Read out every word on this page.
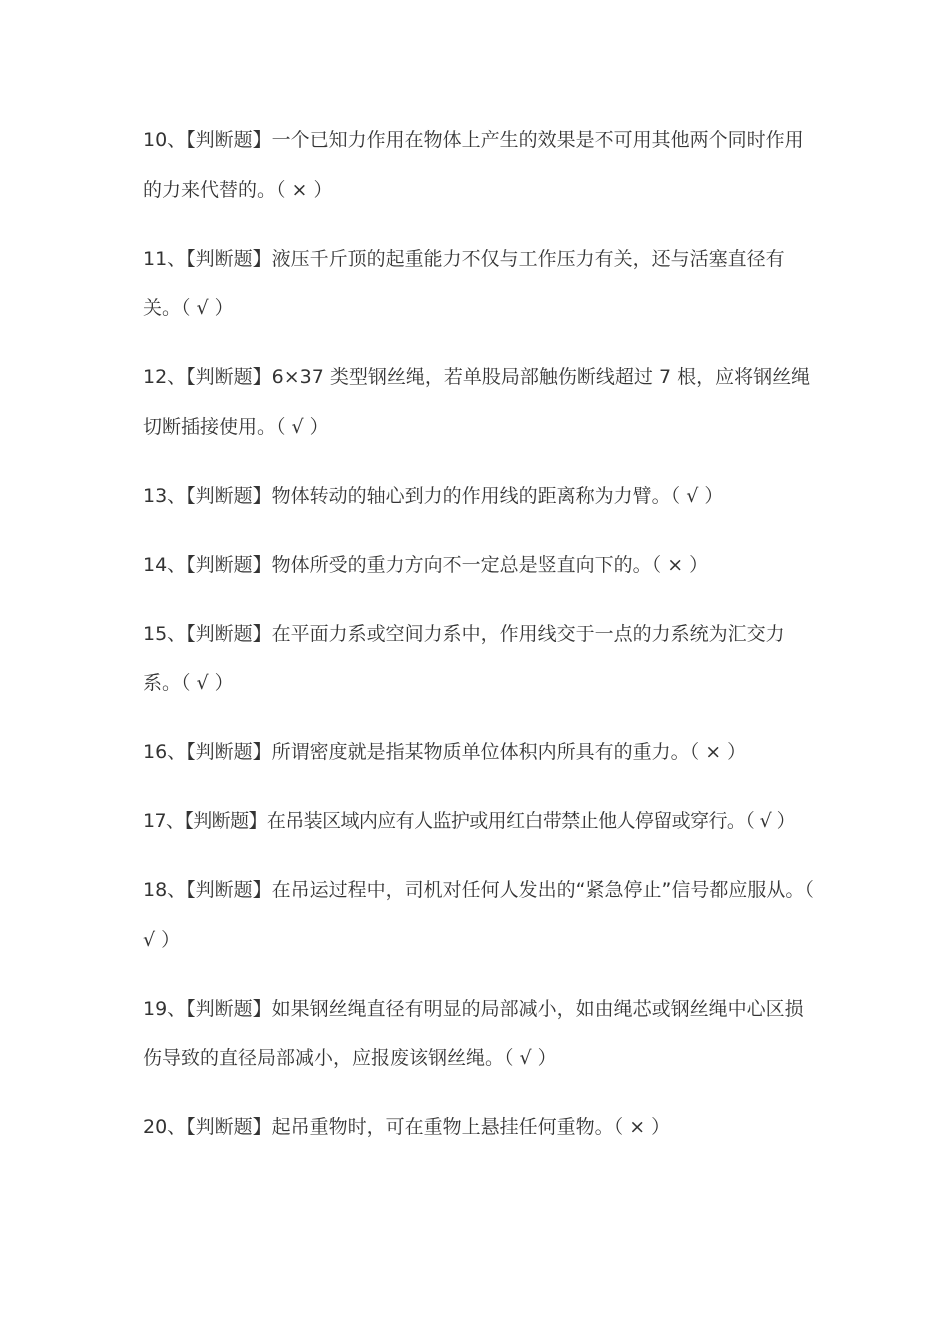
10、【判断题】一个已知力作用在物体上产生的效果是不可用其他两个同时作用的力来代替的。（ × ）
11、【判断题】液压千斤顶的起重能力不仅与工作压力有关，还与活塞直径有关。（ √ ）
12、【判断题】6×37 类型钢丝绳，若单股局部触伤断线超过 7 根，应将钢丝绳切断插接使用。（ √ ）
13、【判断题】物体转动的轴心到力的作用线的距离称为力臂。（ √ ）
14、【判断题】物体所受的重力方向不一定总是竖直向下的。（ × ）
15、【判断题】在平面力系或空间力系中，作用线交于一点的力系统为汇交力系。（ √ ）
16、【判断题】所谓密度就是指某物质单位体积内所具有的重力。（ × ）
17、【判断题】在吊装区域内应有人监护或用红白带禁止他人停留或穿行。（ √ ）
18、【判断题】在吊运过程中，司机对任何人发出的“紧急停止”信号都应服从。（ √ ）
19、【判断题】如果钢丝绳直径有明显的局部减小，如由绳芯或钢丝绳中心区损伤导致的直径局部减小，应报废该钢丝绳。（ √ ）
20、【判断题】起吊重物时，可在重物上悬挂任何重物。（ × ）
